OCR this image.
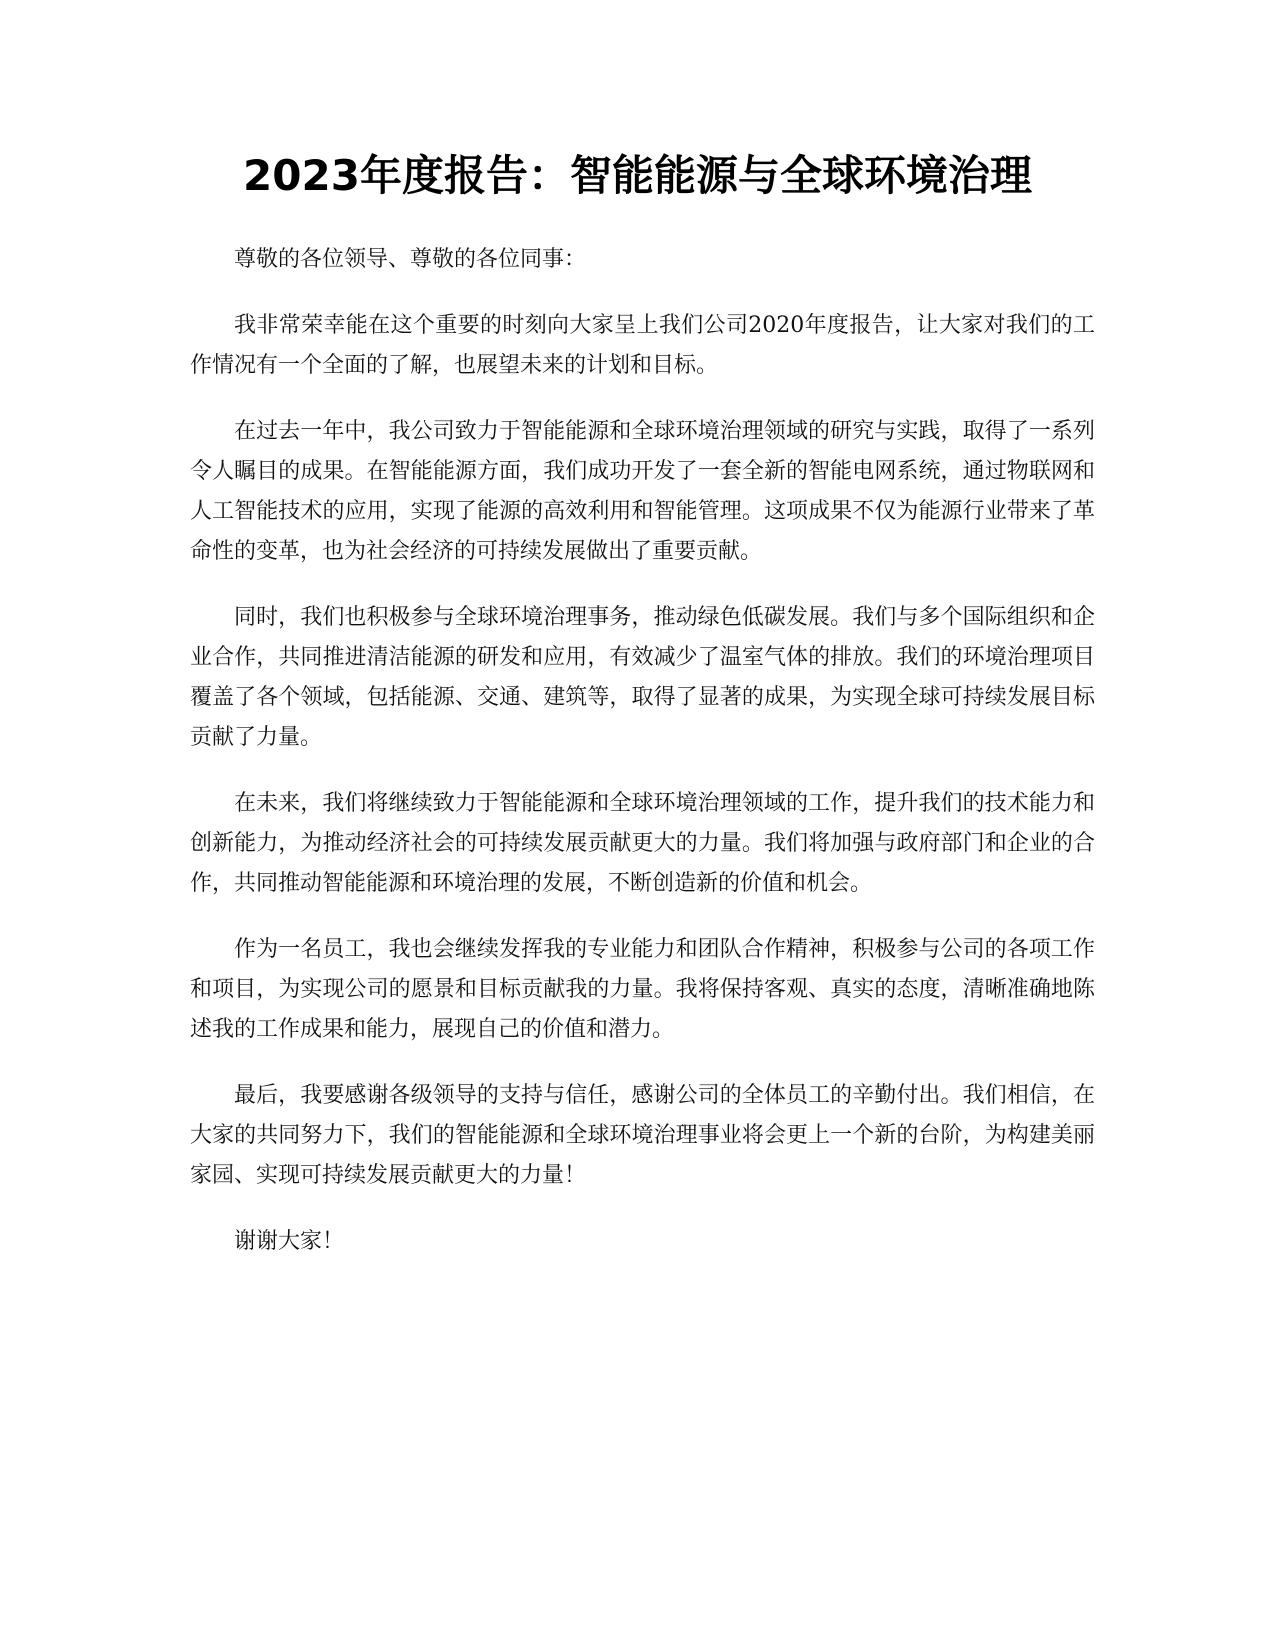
2023年度报告：智能能源与全球环境治理

尊敬的各位领导、尊敬的各位同事：

我非常荣幸能在这个重要的时刻向大家呈上我们公司2020年度报告，让大家对我们的工作情况有一个全面的了解，也展望未来的计划和目标。

在过去一年中，我公司致力于智能能源和全球环境治理领域的研究与实践，取得了一系列令人瞩目的成果。在智能能源方面，我们成功开发了一套全新的智能电网系统，通过物联网和人工智能技术的应用，实现了能源的高效利用和智能管理。这项成果不仅为能源行业带来了革命性的变革，也为社会经济的可持续发展做出了重要贡献。

同时，我们也积极参与全球环境治理事务，推动绿色低碳发展。我们与多个国际组织和企业合作，共同推进清洁能源的研发和应用，有效减少了温室气体的排放。我们的环境治理项目覆盖了各个领域，包括能源、交通、建筑等，取得了显著的成果，为实现全球可持续发展目标贡献了力量。

在未来，我们将继续致力于智能能源和全球环境治理领域的工作，提升我们的技术能力和创新能力，为推动经济社会的可持续发展贡献更大的力量。我们将加强与政府部门和企业的合作，共同推动智能能源和环境治理的发展，不断创造新的价值和机会。

作为一名员工，我也会继续发挥我的专业能力和团队合作精神，积极参与公司的各项工作和项目，为实现公司的愿景和目标贡献我的力量。我将保持客观、真实的态度，清晰准确地陈述我的工作成果和能力，展现自己的价值和潜力。

最后，我要感谢各级领导的支持与信任，感谢公司的全体员工的辛勤付出。我们相信，在大家的共同努力下，我们的智能能源和全球环境治理事业将会更上一个新的台阶，为构建美丽家园、实现可持续发展贡献更大的力量！

谢谢大家！
